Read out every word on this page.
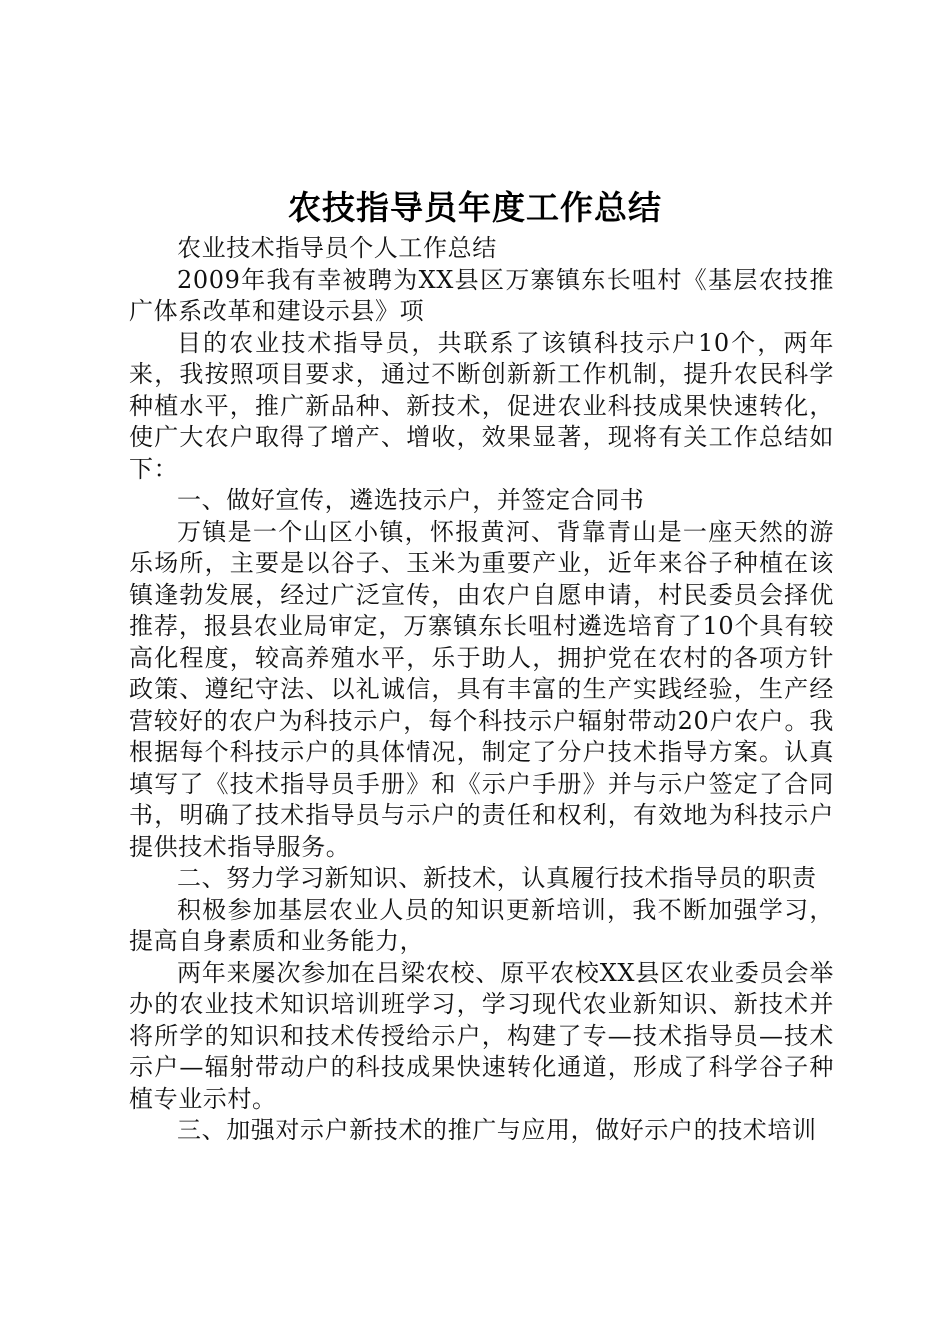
农技指导员年度工作总结

农业技术指导员个人工作总结

2009年我有幸被聘为XX县区万寨镇东长咀村《基层农技推广体系改革和建设示县》项

目的农业技术指导员，共联系了该镇科技示户10个，两年来，我按照项目要求，通过不断创新新工作机制，提升农民科学种植水平，推广新品种、新技术，促进农业科技成果快速转化，使广大农户取得了增产、增收，效果显著，现将有关工作总结如下：

一、做好宣传，遴选技示户，并签定合同书

万镇是一个山区小镇，怀报黄河、背靠青山是一座天然的游乐场所，主要是以谷子、玉米为重要产业，近年来谷子种植在该镇逢勃发展，经过广泛宣传，由农户自愿申请，村民委员会择优推荐，报县农业局审定，万寨镇东长咀村遴选培育了10个具有较高化程度，较高养殖水平，乐于助人，拥护党在农村的各项方针政策、遵纪守法、以礼诚信，具有丰富的生产实践经验，生产经营较好的农户为科技示户，每个科技示户辐射带动20户农户。我根据每个科技示户的具体情况，制定了分户技术指导方案。认真填写了《技术指导员手册》和《示户手册》并与示户签定了合同书，明确了技术指导员与示户的责任和权利，有效地为科技示户提供技术指导服务。

二、努力学习新知识、新技术，认真履行技术指导员的职责

积极参加基层农业人员的知识更新培训，我不断加强学习，提高自身素质和业务能力，

两年来屡次参加在吕梁农校、原平农校XX县区农业委员会举办的农业技术知识培训班学习，学习现代农业新知识、新技术并将所学的知识和技术传授给示户，构建了专—技术指导员—技术示户—辐射带动户的科技成果快速转化通道，形成了科学谷子种植专业示村。

三、加强对示户新技术的推广与应用，做好示户的技术培训
